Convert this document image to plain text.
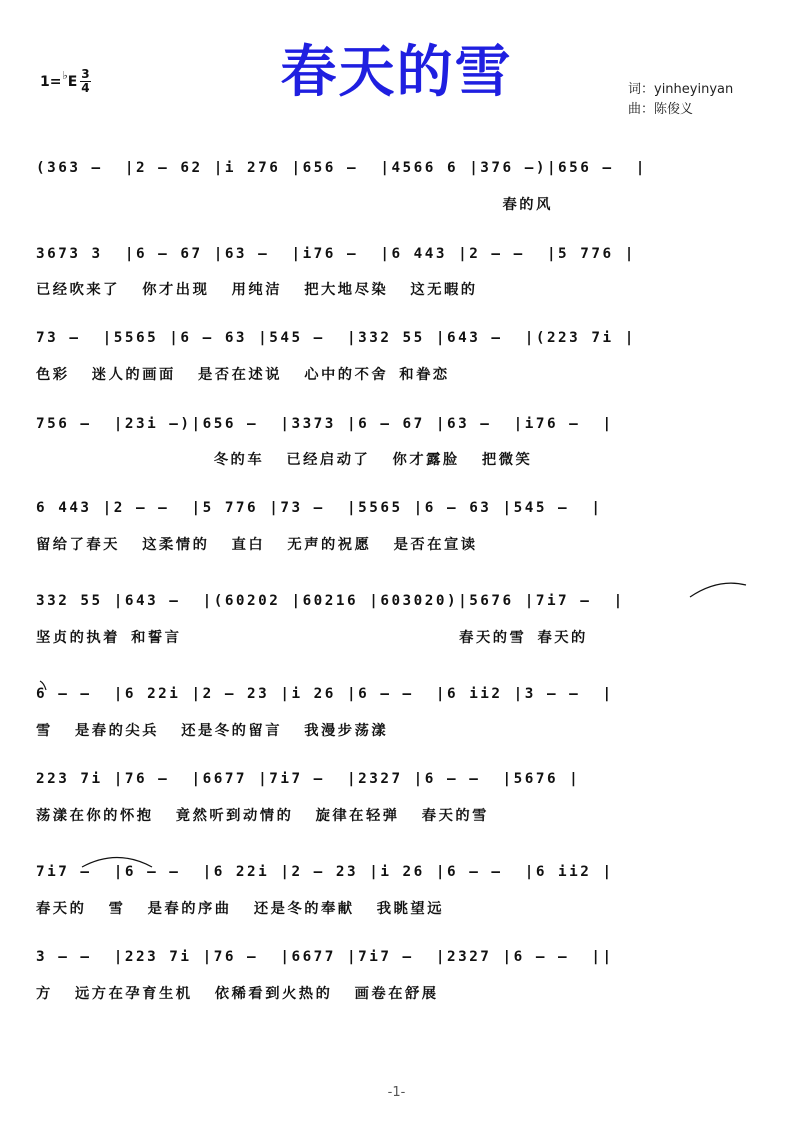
春天的雪
1= ♭ E $\frac{3}{4}$	词：yinheyinyan
曲：陈俊义
(363 –  |2 – 62 |i 276 |656 –  |4566 6 |376 –)|656 –  |
春的风
3673 3  |6 – 67 |63 –  |i76 –  |6 443 |2 – –  |5 776 |
已经吹来了  你才出现  用纯洁  把大地尽染  这无暇的
73 –  |5565 |6 – 63 |545 –  |332 55 |643 –  |(223 7i |
色彩  迷人的画面  是否在述说  心中的不舍 和眷恋
756 –  |23i –)|656 –  |3373 |6 – 67 |63 –  |i76 –  |
冬的车  已经启动了  你才露脸  把微笑
6 443 |2 – –  |5 776 |73 –  |5565 |6 – 63 |545 –  |
留给了春天  这柔情的  直白  无声的祝愿  是否在宣读
332 55 |643 –  |(60202 |60216 |603020)|5676 |7i7 –  |
坚贞的执着 和誓言                         春天的雪 春天的
6 – –  |6 22i |2 – 23 |i 26 |6 – –  |6 ii2 |3 – –  |
雪  是春的尖兵  还是冬的留言  我漫步荡漾
223 7i |76 –  |6677 |7i7 –  |2327 |6 – –  |5676 |
荡漾在你的怀抱  竟然听到动情的  旋律在轻弹  春天的雪
7i7 –  |6 – –  |6 22i |2 – 23 |i 26 |6 – –  |6 ii2 |
春天的  雪  是春的序曲  还是冬的奉献  我眺望远
3 – –  |223 7i |76 –  |6677 |7i7 –  |2327 |6 – –  ||
方  远方在孕育生机  依稀看到火热的  画卷在舒展
-1-
